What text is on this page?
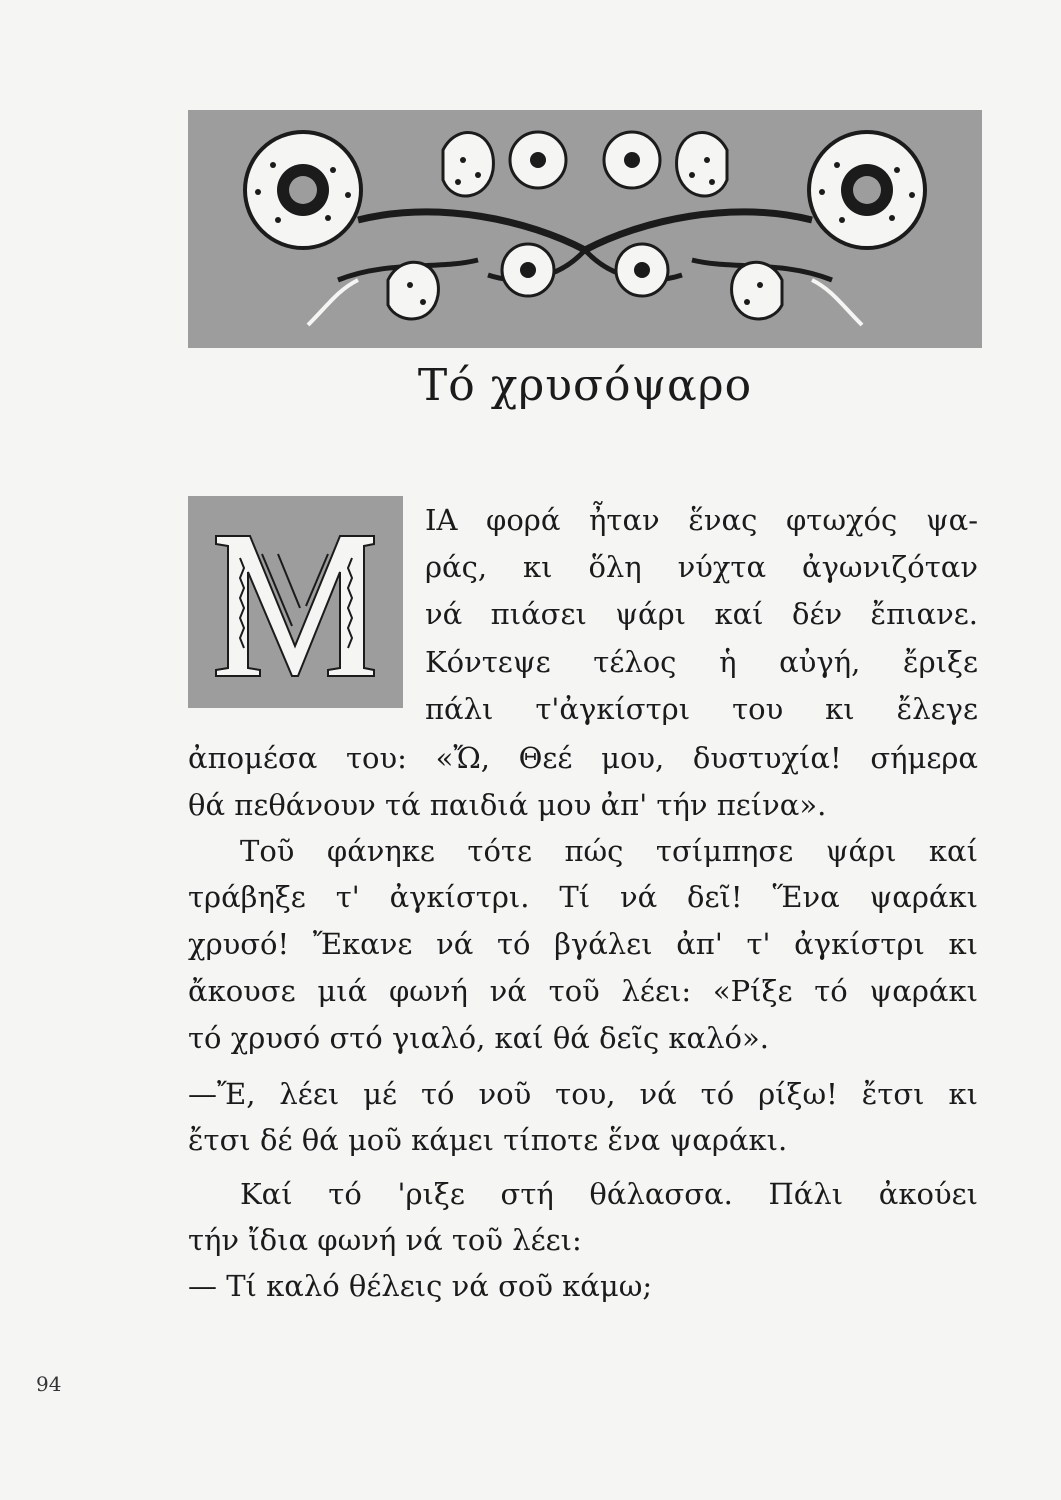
Τό χρυσόψαρο
ΙΑ φορά ἦταν ἕνας φτωχός ψα-
ράς, κι ὅλη νύχτα ἀγωνιζόταν
νά πιάσει ψάρι καί δέν ἔπιανε.
Κόντεψε τέλος ἡ αὐγή, ἔριξε
πάλι τ'ἀγκίστρι του κι ἔλεγε
ἀπομέσα του: «Ὤ, Θεέ μου, δυστυχία! σήμερα
θά πεθάνουν τά παιδιά μου ἀπ' τήν πείνα».
Τοῦ φάνηκε τότε πώς τσίμπησε ψάρι καί
τράβηξε τ' ἀγκίστρι. Τί νά δεῖ! Ἕνα ψαράκι
χρυσό! Ἔκανε νά τό βγάλει ἀπ' τ' ἀγκίστρι κι
ἄκουσε μιά φωνή νά τοῦ λέει: «Ρίξε τό ψαράκι
τό χρυσό στό γιαλό, καί θά δεῖς καλό».
—Ἔ, λέει μέ τό νοῦ του, νά τό ρίξω! ἔτσι κι
ἔτσι δέ θά μοῦ κάμει τίποτε ἕνα ψαράκι.
Καί τό 'ριξε στή θάλασσα. Πάλι ἀκούει
τήν ἴδια φωνή νά τοῦ λέει:
— Τί καλό θέλεις νά σοῦ κάμω;
94
